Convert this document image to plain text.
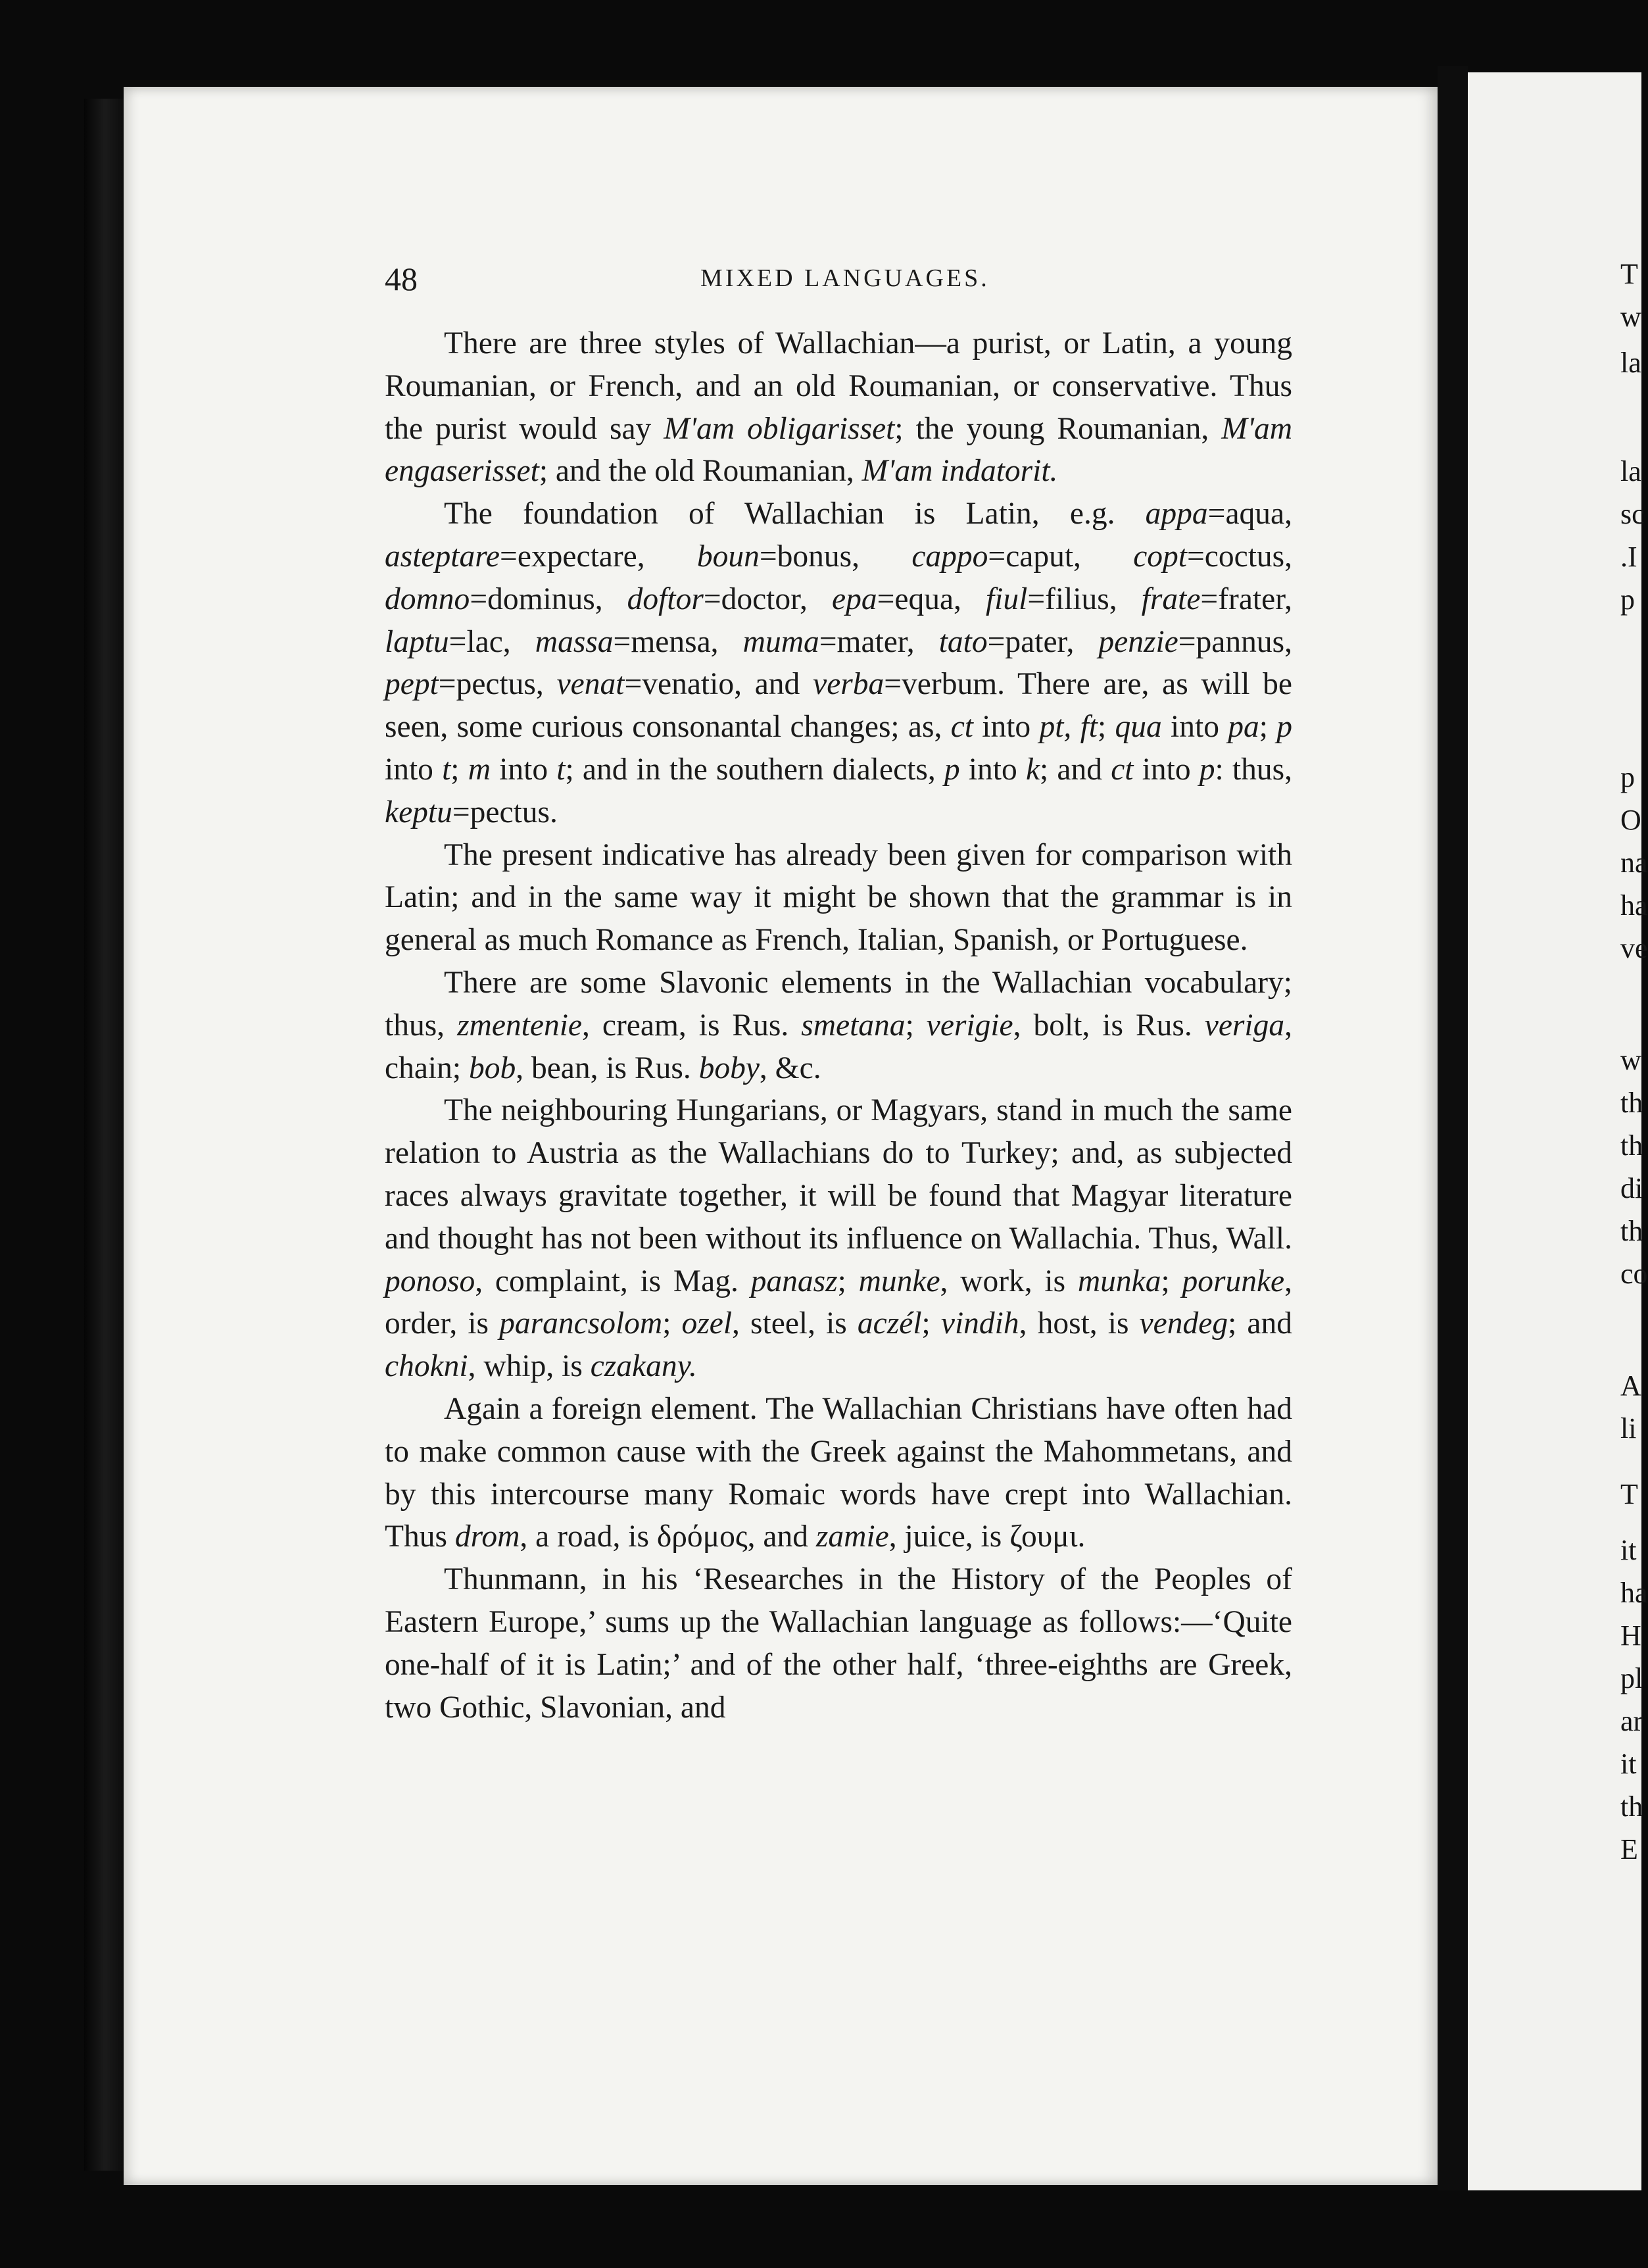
T
w
la
la
sc
.I
p
p
O
na
ha
ve
w
th
th
di
th
co
A
li
T
it
ha
H
pl
ar
it
th
E
48	MIXED LANGUAGES.

There are three styles of Wallachian—a purist, or Latin, a young Roumanian, or French, and an old Roumanian, or conservative. Thus the purist would say M'am obligarisset; the young Roumanian, M'am engaserisset; and the old Roumanian, M'am indatorit.

The foundation of Wallachian is Latin, e.g. appa=aqua, asteptare=expectare, boun=bonus, cappo=caput, copt=coctus, domno=dominus, doftor=doctor, epa=equa, fiul=filius, frate=frater, laptu=lac, massa=mensa, muma=mater, tato=pater, penzie=pannus, pept=pectus, venat=venatio, and verba=verbum. There are, as will be seen, some curious consonantal changes; as, ct into pt, ft; qua into pa; p into t; m into t; and in the southern dialects, p into k; and ct into p: thus, keptu=pectus.

The present indicative has already been given for comparison with Latin; and in the same way it might be shown that the grammar is in general as much Romance as French, Italian, Spanish, or Portuguese.

There are some Slavonic elements in the Wallachian vocabulary; thus, zmentenie, cream, is Rus. smetana; verigie, bolt, is Rus. veriga, chain; bob, bean, is Rus. boby, &c.

The neighbouring Hungarians, or Magyars, stand in much the same relation to Austria as the Wallachians do to Turkey; and, as subjected races always gravitate together, it will be found that Magyar literature and thought has not been without its influence on Wallachia. Thus, Wall. ponoso, complaint, is Mag. panasz; munke, work, is munka; porunke, order, is parancsolom; ozel, steel, is aczél; vindih, host, is vendeg; and chokni, whip, is czakany.

Again a foreign element. The Wallachian Christians have often had to make common cause with the Greek against the Mahommetans, and by this intercourse many Romaic words have crept into Wallachian. Thus drom, a road, is δρόμος, and zamie, juice, is ζουμι.

Thunmann, in his ‘Researches in the History of the Peoples of Eastern Europe,’ sums up the Wallachian language as follows:—‘Quite one-half of it is Latin;’ and of the other half, ‘three-eighths are Greek, two Gothic, Slavonian, and
